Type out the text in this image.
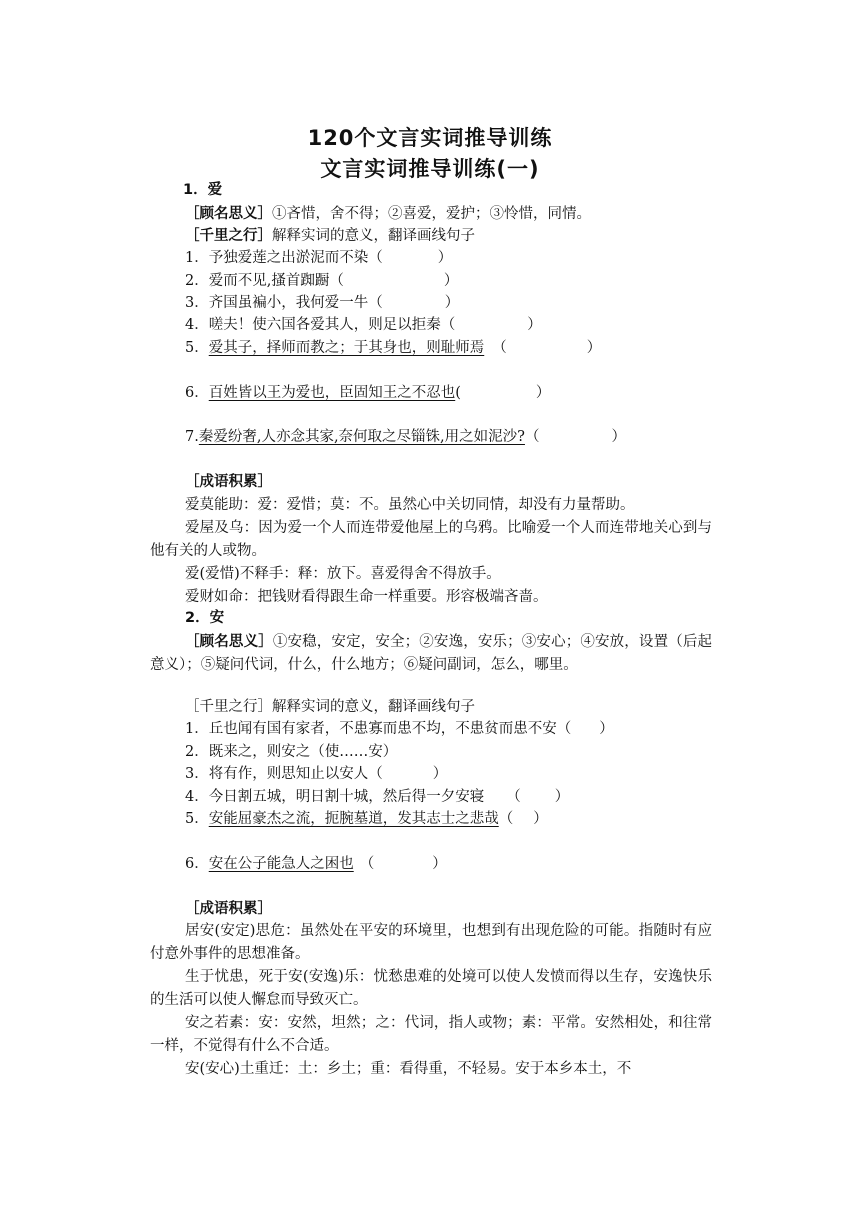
120个文言实词推导训练
文言实词推导训练(一)
1．爱
［顾名思义］①吝惜，舍不得；②喜爱，爱护；③怜惜，同情。
［千里之行］解释实词的意义，翻译画线句子
1．予独爱莲之出淤泥而不染（	）
2．爱而不见,搔首踟蹰（	）
3．齐国虽褊小，我何爱一牛（	）
4．嗟夫！使六国各爱其人，则足以拒秦（	）
5．爱其子，择师而教之；于其身也，则耻师焉 （	）
6．百姓皆以王为爱也，臣固知王之不忍也(	）
7.秦爱纷奢,人亦念其家,奈何取之尽锱铢,用之如泥沙?（	）
［成语积累］
爱莫能助：爱：爱惜；莫：不。虽然心中关切同情，却没有力量帮助。
爱屋及乌：因为爱一个人而连带爱他屋上的乌鸦。比喻爱一个人而连带地关心到与他有关的人或物。
爱(爱惜)不释手：释：放下。喜爱得舍不得放手。
爱财如命：把钱财看得跟生命一样重要。形容极端吝啬。
2．安
［顾名思义］①安稳，安定，安全；②安逸，安乐；③安心；④安放，设置（后起意义）；⑤疑问代词，什么，什么地方；⑥疑问副词，怎么，哪里。
［千里之行］解释实词的意义，翻译画线句子
1．丘也闻有国有家者，不患寡而患不均，不患贫而患不安（ ）
2．既来之，则安之（使……安）
3．将有作，则思知止以安人（	）
4．今日割五城，明日割十城，然后得一夕安寝 （ ）
5．安能屈豪杰之流，扼腕墓道，发其志士之悲哉（ ）
6．安在公子能急人之困也 （	）
［成语积累］
居安(安定)思危：虽然处在平安的环境里，也想到有出现危险的可能。指随时有应付意外事件的思想准备。
生于忧患，死于安(安逸)乐：忧愁患难的处境可以使人发愤而得以生存，安逸快乐的生活可以使人懈怠而导致灭亡。
安之若素：安：安然，坦然；之：代词，指人或物；素：平常。安然相处，和往常一样，不觉得有什么不合适。
安(安心)土重迁：土：乡土；重：看得重，不轻易。安于本乡本土，不
